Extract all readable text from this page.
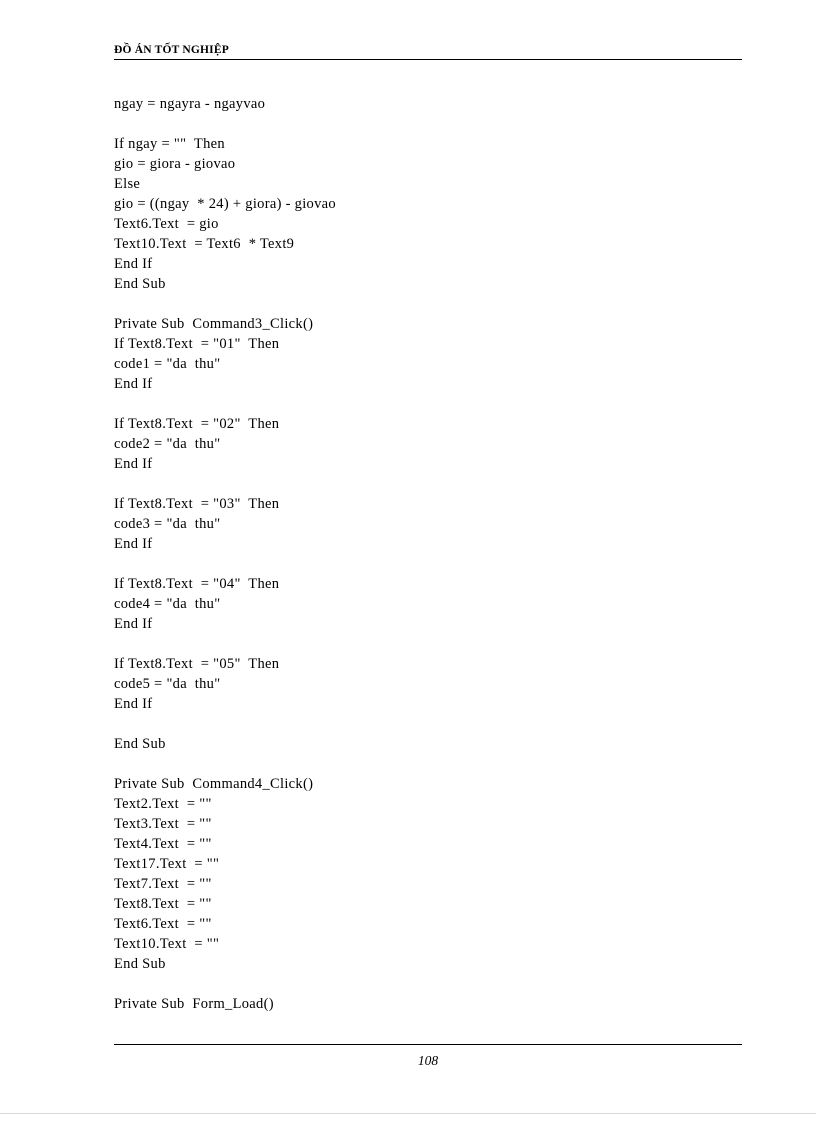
ĐỒ ÁN TỐT NGHIỆP
ngay = ngayra - ngayvao

If ngay = ""  Then
gio = giora - giovao
Else
gio = ((ngay  * 24) + giora) - giovao
Text6.Text  = gio
Text10.Text  = Text6  * Text9
End If
End Sub

Private Sub  Command3_Click()
If Text8.Text  = "01"  Then
code1 = "da  thu"
End If

If Text8.Text  = "02"  Then
code2 = "da  thu"
End If

If Text8.Text  = "03"  Then
code3 = "da  thu"
End If

If Text8.Text  = "04"  Then
code4 = "da  thu"
End If

If Text8.Text  = "05"  Then
code5 = "da  thu"
End If

End Sub

Private Sub  Command4_Click()
Text2.Text  = ""
Text3.Text  = ""
Text4.Text  = ""
Text17.Text  = ""
Text7.Text  = ""
Text8.Text  = ""
Text6.Text  = ""
Text10.Text  = ""
End Sub

Private Sub  Form_Load()
108
